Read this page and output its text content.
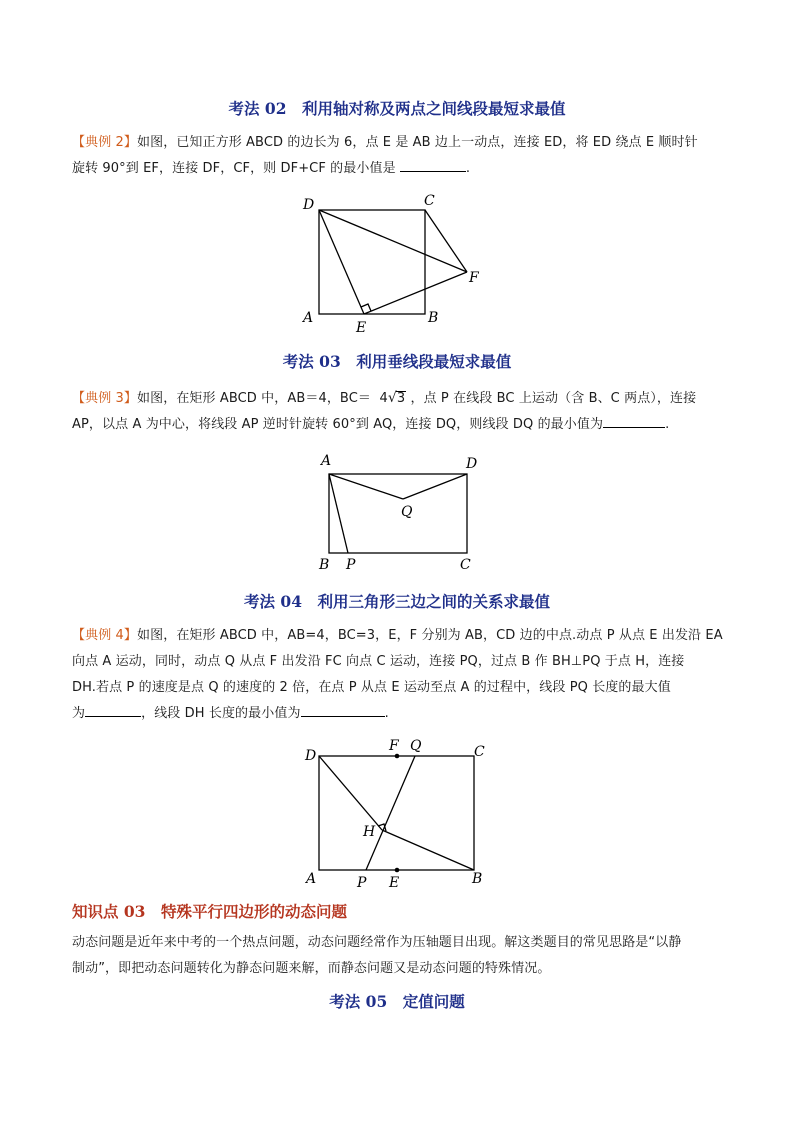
考法 02　利用轴对称及两点之间线段最短求最值
【典例 2】如图，已知正方形 ABCD 的边长为 6，点 E 是 AB 边上一动点，连接 ED，将 ED 绕点 E 顺时针
旋转 90°到 EF，连接 DF，CF，则 DF+CF 的最小值是	.
D	C
A	B
E
F
考法 03　利用垂线段最短求最值
【典例 3】如图，在矩形 ABCD 中，AB＝4，BC＝ 4√3 ，点 P 在线段 BC 上运动（含 B、C 两点），连接
AP，以点 A 为中心，将线段 AP 逆时针旋转 60°到 AQ，连接 DQ，则线段 DQ 的最小值为	.
A	D
B P
Q
C
考法 04　利用三角形三边之间的关系求最值
【典例 4】如图，在矩形 ABCD 中，AB=4，BC=3，E，F 分别为 AB，CD 边的中点.动点 P 从点 E 出发沿 EA
向点 A 运动，同时，动点 Q 从点 F 出发沿 FC 向点 C 运动，连接 PQ，过点 B 作 BH⊥PQ 于点 H，连接
DH.若点 P 的速度是点 Q 的速度的 2 倍，在点 P 从点 E 运动至点 A 的过程中，线段 PQ 长度的最大值
为	，线段 DH 长度的最小值为	.
D
F Q	C
H
A	P E	B
知识点 03　特殊平行四边形的动态问题
动态问题是近年来中考的一个热点问题，动态问题经常作为压轴题目出现。解这类题目的常见思路是“以静
制动”，即把动态问题转化为静态问题来解，而静态问题又是动态问题的特殊情况。
考法 05　定值问题
